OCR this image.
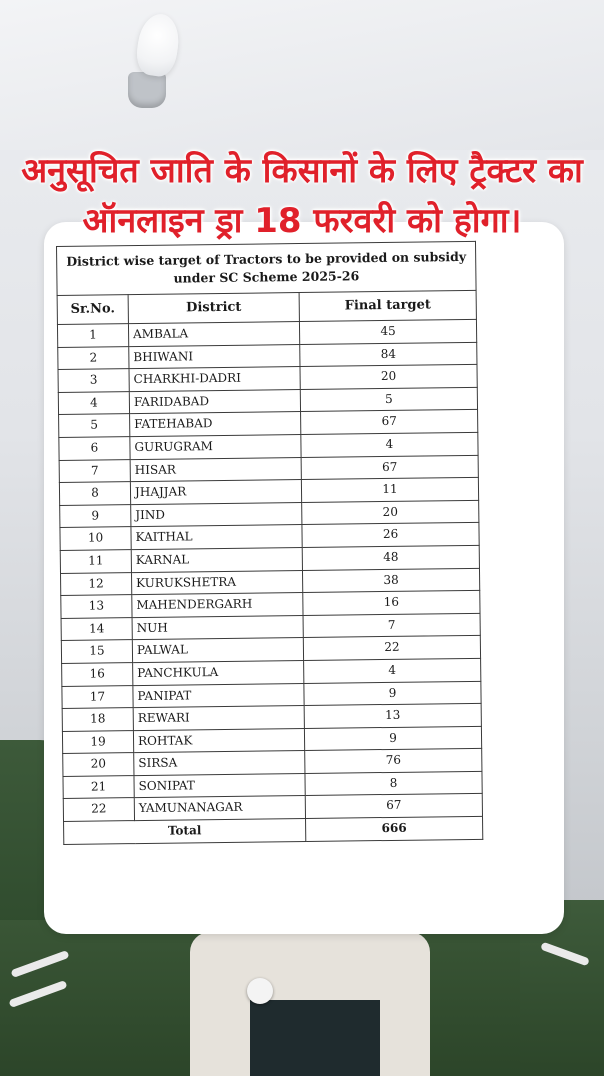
अनुसूचित जाति के किसानों के लिए ट्रैक्टर का
ऑनलाइन ड्रा 18 फरवरी को होगा।
District wise target of Tractors to be provided on subsidy under SC Scheme 2025-26		
Sr.No.	District	Final target
1	AMBALA	45
2	BHIWANI	84
3	CHARKHI-DADRI	20
4	FARIDABAD	5
5	FATEHABAD	67
6	GURUGRAM	4
7	HISAR	67
8	JHAJJAR	11
9	JIND	20
10	KAITHAL	26
11	KARNAL	48
12	KURUKSHETRA	38
13	MAHENDERGARH	16
14	NUH	7
15	PALWAL	22
16	PANCHKULA	4
17	PANIPAT	9
18	REWARI	13
19	ROHTAK	9
20	SIRSA	76
21	SONIPAT	8
22	YAMUNANAGAR	67
Total		666
